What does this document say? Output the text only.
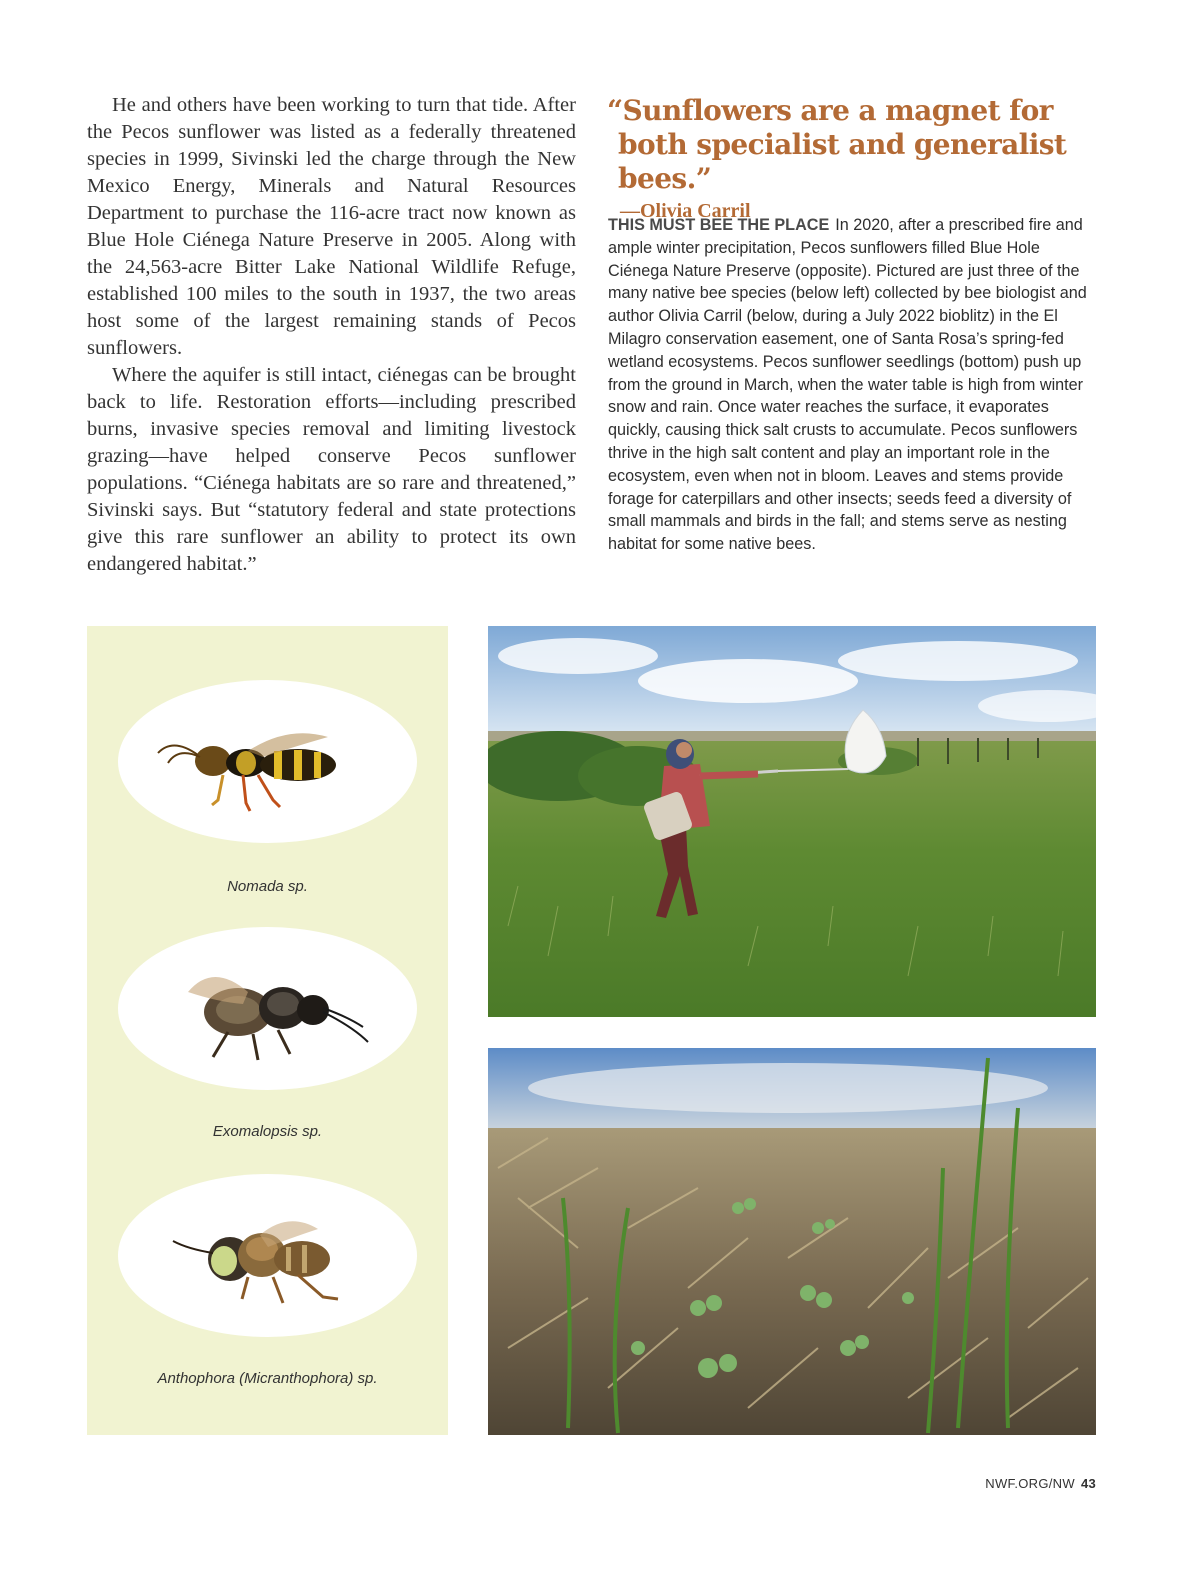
He and others have been working to turn that tide. After the Pecos sunflower was listed as a federally threatened species in 1999, Sivinski led the charge through the New Mexico Energy, Minerals and Natural Resources Department to purchase the 116-acre tract now known as Blue Hole Ciénega Nature Preserve in 2005. Along with the 24,563-acre Bitter Lake National Wildlife Refuge, established 100 miles to the south in 1937, the two areas host some of the largest remaining stands of Pecos sunflowers.

Where the aquifer is still intact, ciénegas can be brought back to life. Restoration efforts—including prescribed burns, invasive species removal and limiting livestock grazing—have helped conserve Pecos sunflower populations. “Ciénega habitats are so rare and threatened,” Sivinski says. But “statutory federal and state protections give this rare sunflower an ability to protect its own endangered habitat.”

“Sunflowers are a magnet for both specialist and generalist bees.”

—Olivia Carril
THIS MUST BEE THE PLACE In 2020, after a prescribed fire and ample winter precipitation, Pecos sunflowers filled Blue Hole Ciénega Nature Preserve (opposite). Pictured are just three of the many native bee species (below left) collected by bee biologist and author Olivia Carril (below, during a July 2022 bioblitz) in the El Milagro conservation easement, one of Santa Rosa’s spring-fed wetland ecosystems. Pecos sunflower seedlings (bottom) push up from the ground in March, when the water table is high from winter snow and rain. Once water reaches the surface, it evaporates quickly, causing thick salt crusts to accumulate. Pecos sunflowers thrive in the high salt content and play an important role in the ecosystem, even when not in bloom. Leaves and stems provide forage for caterpillars and other insects; seeds feed a diversity of small mammals and birds in the fall; and stems serve as nesting habitat for some native bees.
Nomada sp.
Exomalopsis sp.
Anthophora (Micranthophora) sp.
NWF.ORG/NW 43
